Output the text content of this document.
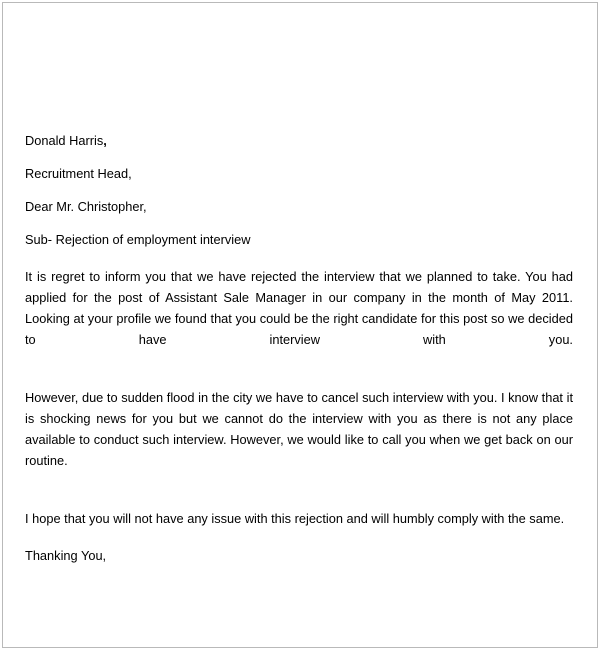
Donald Harris,

Recruitment Head,

Dear Mr. Christopher,

Sub- Rejection of employment interview

It is regret to inform you that we have rejected the interview that we planned to take. You had applied for the post of Assistant Sale Manager in our company in the month of May 2011. Looking at your profile we found that you could be the right candidate for this post so we decided to have interview with you.

However, due to sudden flood in the city we have to cancel such interview with you. I know that it is shocking news for you but we cannot do the interview with you as there is not any place available to conduct such interview. However, we would like to call you when we get back on our routine.

I hope that you will not have any issue with this rejection and will humbly comply with the same.

Thanking You,
